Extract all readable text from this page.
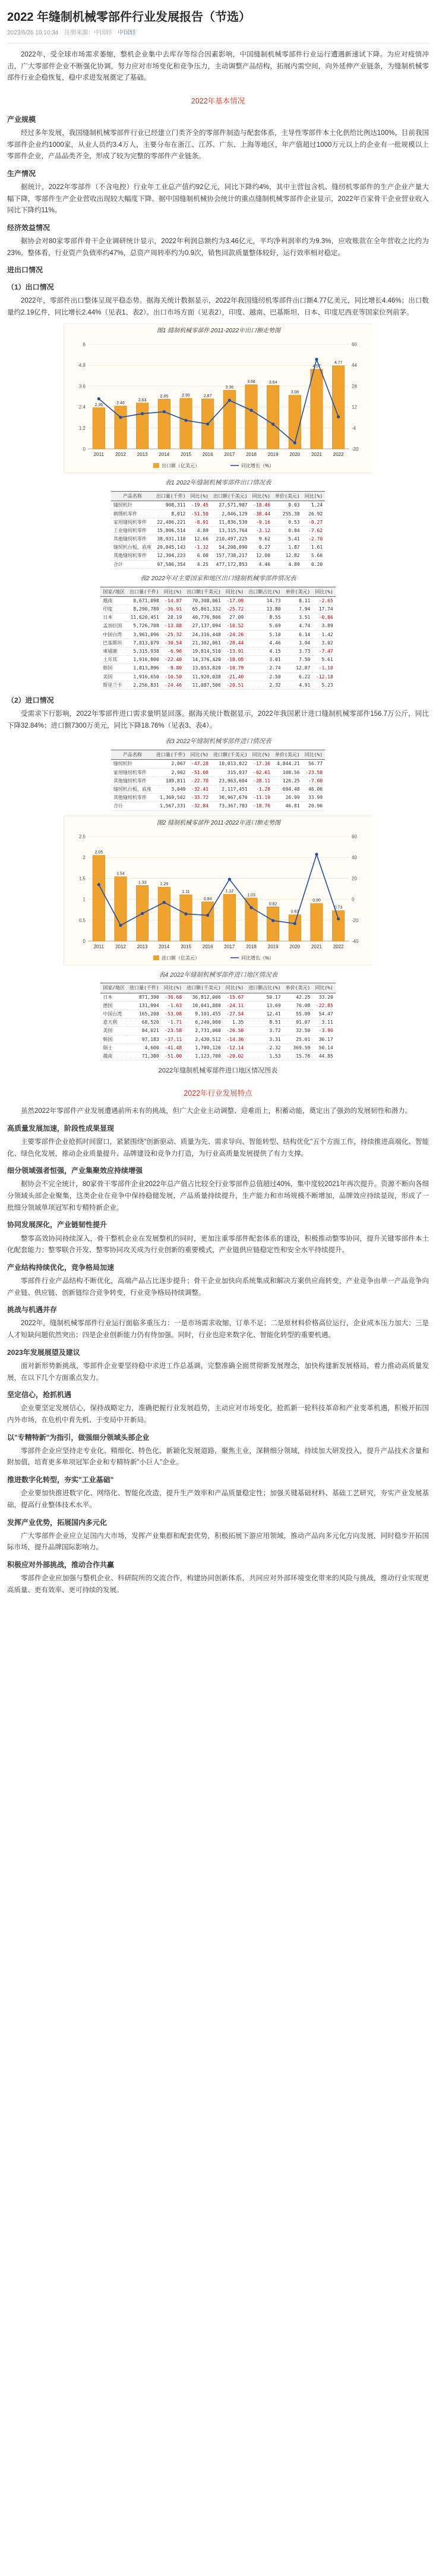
2022 年缝制机械零部件行业发展报告（节选）
2023/6/26 10:10:34 注册来源：中国轻 中国轻

2022年，受全球市场需求萎缩，整机企业集中去库存等综合因素影响，中国缝制机械零部件行业运行遭遇新速试下降。为应对疫情冲击，广大零部件企业不断强化协调，努力应对市场变化和竞争压力，主动调整产品结构，拓展内需空间，向外延伸产业链条，为缝制机械零部件行业企稳恢复，稳中求进发展奠定了基础。

2022年基本情况
产业规模

经过多年发展，我国缝制机械零部件行业已经建立门类齐全的零部件制造与配套体系，主导性零部件本土化供给比例达100%。目前我国零部件企业约1000家，从业人员约3.4万人，主要分布在浙江、江苏、广东、上海等地区，年产值超过1000万元以上的企业有一批规模以上零部件企业，产品品类齐全，形成了较为完整的零部件产业链条。

生产情况

据统计，2022年零部件（不含电控）行业年工业总产值约92亿元，同比下降约4%，其中主营包含机、缝纫机零部件的生产企业产量大幅下降，零部件生产企业营收出现较大幅度下降。据中国缝制机械协会统计的重点缝制机械零部件企业显示，2022年百家骨干企业营业收入同比下降约11%。

经济效益情况

据协会对80家零部件骨干企业调研统计显示，2022年利润总额约为3.46亿元，平均净利润率约为9.3%，应收账款在全年营收之比约为23%。整体看，行业资产负债率约47%，总资产周转率约为0.9次，销售回款质量整体较好，运行效率相对稳定。

进出口情况
（1）出口情况

2022年，零部件出口整体呈现平稳态势。据海关统计数据显示，2022年我国缝纫机零部件出口额4.77亿美元，同比增长4.46%；出口数量约2.19亿件，同比增长2.44%（见表1、表2）。出口市场方面（见表2），印度、越南、巴基斯坦、日本、印度尼西亚等国家位列前茅。

图1 缝制机械零部件 2011-2022年出口额走势图
0	-20
1.2	-4
2.4	12
3.6	28
4.8	44
6	60
2.36
2011
2.46
2012
2.63
2013
2.85
2014
2.90
2015
2.87
2016
3.36
2017
3.68
2018
3.64
2019
3.08
2020
4.57
2021
4.77
2022
出口额（亿美元）	同比增长（%）
表1 2022年缝制机械零部件出口情况表
产品名称	出口量(千件)	同比(%)	出口额(千美元)	同比(%)	单价(美元)	同比(%)
缝纫机针	908,311	-19.45	27,571,907	-18.46	0.03	1.24
刺绣机零件	8,012	-51.50	2,046,129	-38.44	255.38	26.92
家用缝纫机零件	22,486,221	-8.91	11,836,530	-9.16	0.53	-0.27
工业缝纫机零件	15,806,514	4.89	13,315,764	-3.12	0.84	-7.62
其他缝纫机零件	38,931,118	12.66	210,497,225	9.62	5.41	-2.70
缝纫机台板、底座	29,045,143	-1.32	54,208,090	0.27	1.87	1.61
其他缝纫机零件	12,304,223	6.00	157,738,217	12.00	12.82	5.66
合计	97,586,354	4.25	477,172,853	4.46	4.89	0.20
表2 2022年对主要国家和地区出口缝制机械零部件情况表
国家/地区	出口量(千件)	同比(%)	出口额(千美元)	同比(%)	出口额占比(%)	单价(美元)	同比(%)
越南	8,671,098	-14.87	70,308,061	-17.09	14.73	8.11	-2.65
印度	8,290,780	-36.91	65,861,332	-25.72	13.80	7.94	17.74
日本	11,620,451	28.19	40,776,806	27.09	8.55	3.51	-0.86
孟加拉国	5,726,708	-13.88	27,137,094	-10.52	5.69	4.74	3.89
中国台湾	3,961,096	-25.32	24,316,448	-24.26	5.10	6.14	1.42
巴基斯坦	7,013,079	-30.54	21,302,061	-28.44	4.46	3.04	3.02
柬埔寨	5,315,938	-6.96	19,814,510	-13.91	4.15	3.73	-7.47
土耳其	1,916,800	-22.40	14,376,420	-18.05	3.01	7.50	5.61
韩国	1,013,896	-9.80	13,053,820	-10.79	2.74	12.87	-1.10
美国	1,916,650	-10.50	11,920,038	-21.40	2.50	6.22	-12.18
斯里兰卡	2,256,831	-24.46	11,087,506	-20.51	2.32	4.91	5.23
（2）进口情况

受需求下行影响，2022年零部件进口需求量明显回落。据海关统计数据显示，2022年我国累计进口缝制机械零部件156.7万公斤，同比下降32.84%；进口额7300万美元，同比下降18.76%（见表3、表4）。

表3 2022年缝制机械零部件进口情况表
产品名称	进口量(千件)	同比(%)	进口额(千美元)	同比(%)	单价(美元)	同比(%)
缝纫机针	2,067	-47.28	10,013,022	-17.36	4,844.21	56.77
家用缝纫机零件	2,902	-51.08	315,037	-62.61	108.56	-23.58
其他缝纫机零件	189,811	-22.70	23,963,604	-28.11	126.25	-7.00
缝纫机台板、底座	3,049	-32.41	2,117,451	-1.28	694.48	46.06
其他缝纫机零件	1,369,502	-33.72	36,967,670	-11.19	26.99	33.99
合计	1,567,331	-32.84	73,367,783	-18.76	46.81	20.96
图2 缝制机械零部件 2011-2022年进口额走势图
0	-40
0.5	-20
1	0
1.5	20
2	40
2.5	60
2.05
2011
1.54
2012
1.33
2013
1.29
2014
1.11
2015
0.94
2016
1.12
2017
1.03
2018
0.82
2019
0.63
2020
0.90
2021
0.73
2022
进口额（亿美元）	同比增长（%）
表4 2022年缝制机械零部件进口地区情况表
国家/地区	进口量(千件)	同比(%)	进口额(千美元)	同比(%)	进口额占比(%)	单价(美元)	同比(%)
日本	871,390	-36.68	36,812,006	-15.67	50.17	42.25	33.20
德国	131,994	-1.63	10,041,880	-24.11	13.69	76.08	-22.85
中国台湾	165,208	-53.08	9,101,455	-27.54	12.41	55.09	54.47
意大利	68,520	-1.71	6,240,000	1.35	8.51	91.07	3.11
美国	84,021	-23.58	2,731,060	-26.56	3.72	32.50	-3.90
韩国	97,183	-37.11	2,430,512	-14.36	3.31	25.01	36.17
瑞士	4,600	-41.48	1,700,126	-12.14	2.32	369.59	50.14
越南	71,300	-51.00	1,123,700	-29.02	1.53	15.76	44.85
2022年缝制机械零部件进口地区情况图表
2022年行业发展特点

虽然2022年零部件产业发展遭遇前所未有的挑战，但广大企业主动调整、迎难而上，积蓄动能，奠定出了强劲的发展韧性和潜力。

高质量发展加速，阶段性成果显现

主要零部件企业抢抓时间窗口，紧紧围绕"创新驱动、质量为先、需求导向、智能转型、结构优化"五个方面工作，持续推进高端化、智能化、绿色化发展，推动企业质量提升、品牌建设和竞争力打造，为行业高质量发展提供了有力支撑。

细分领域强者恒强，产业集聚效应持续增强

据协会不完全统计，80家骨干零部件企业2022年总产值占比较全行业零部件总值超过40%，集中度较2021年再次提升。资源不断向各细分领域头部企业聚集，这类企业在竞争中保持稳健发展，产品质量持续提升，生产能力和市场规模不断增加，品牌效应持续显现，形成了一批细分领域单项冠军和专精特新企业。

协同发展深化，产业链韧性提升

整零高效协同持续深入，骨干整机企业在发展整机的同时，更加注重零部件配套体系的建设，积极推动整零协同，提升关键零部件本土化配套能力；整零联合开发、整零协同攻关成为行业创新的重要模式，产业链供应链稳定性和安全水平持续提升。

产业结构持续优化，竞争格局加速

零部件行业产品结构不断优化，高端产品占比逐步提升；骨干企业加快向系统集成和解决方案供应商转变，产业竞争由单一产品竞争向产业链、供应链、创新链综合竞争转变，行业竞争格局持续调整。

挑战与机遇并存

2022年，缝制机械零部件行业运行面临多重压力：一是市场需求收缩，订单不足；二是原材料价格高位运行，企业成本压力加大；三是人才短缺问题依然突出；四是企业创新能力仍有待加强。同时，行业也迎来数字化、智能化转型的重要机遇。

2023年发展展望及建议

面对新形势新挑战，零部件企业要坚持稳中求进工作总基调，完整准确全面贯彻新发展理念，加快构建新发展格局，着力推动高质量发展，在以下几个方面重点发力。

坚定信心，抢抓机遇

企业要坚定发展信心，保持战略定力，准确把握行业发展趋势，主动应对市场变化，抢抓新一轮科技革命和产业变革机遇，积极开拓国内外市场，在危机中育先机、于变局中开新局。

以"专精特新"为指引，做强细分领域头部企业

零部件企业应坚持走专业化、精细化、特色化、新颖化发展道路，聚焦主业，深耕细分领域，持续加大研发投入，提升产品技术含量和附加值，培育更多单项冠军企业和专精特新"小巨人"企业。

推进数字化转型，夯实"工业基础"

企业要加快推进数字化、网络化、智能化改造，提升生产效率和产品质量稳定性；加强关键基础材料、基础工艺研究，夯实产业发展基础，提高行业整体技术水平。

发挥产业优势，拓展国内多元化

广大零部件企业应立足国内大市场，发挥产业集群和配套优势，积极拓展下游应用领域，推动产品向多元化方向发展，同时稳步开拓国际市场，提升品牌国际影响力。

积极应对外部挑战，推动合作共赢

零部件企业应加强与整机企业、科研院所的交流合作，构建协同创新体系，共同应对外部环境变化带来的风险与挑战，推动行业实现更高质量、更有效率、更可持续的发展。
